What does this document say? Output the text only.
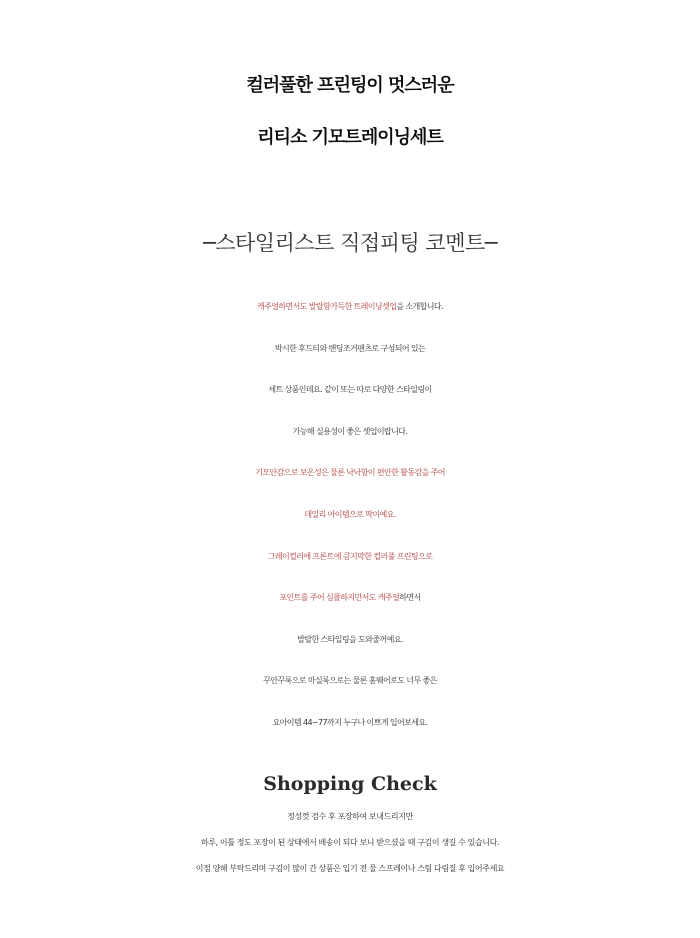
컬러풀한 프린팅이 멋스러운
리티소 기모트레이닝세트
─스타일리스트 직접피팅 코멘트─
캐주얼하면서도 발랄함가득한 트레이닝셋업을 소개합니다.
박시한 후드티와 밴딩조거팬츠로 구성되어 있는
세트 상품인데요. 같이 또는 따로 다양한 스타일링이
가능해 실용성이 좋은 셋업이랍니다.
기모안감으로 보온성은 물론 낙낙함이 편안한 활동감을 주어
데일리 아이템으로 딱이예요.
그레이컬러에 프론트에 큼지막한 컬러풀 프린팅으로
포인트를 주어 심플하지만서도 캐주얼하면서
발랄한 스타일링을 도와줄꺼예요.
꾸안꾸룩으로 마실룩으로는 물론 홈웨어로도 너무 좋은
요아이템 44~77까지 누구나 이쁘게 입어보세요.
Shopping Check
정성껏 검수 후 포장하여 보내드리지만
하루, 이틀 정도 포장이 된 상태에서 배송이 되다 보니 받으셨을 때 구김이 생길 수 있습니다.
이점 양해 부탁드리며 구김이 많이 간 상품은 입기 전 물 스프레이나 스팀 다림질 후 입어주세요
